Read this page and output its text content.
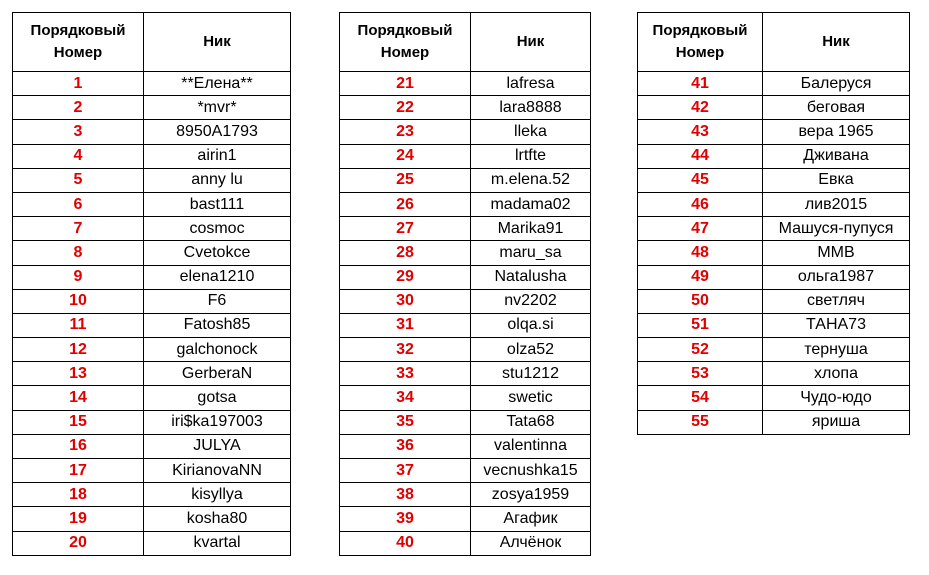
Порядковый
Номер	Ник
1	**Елена**
2	*mvr*
3	8950A1793
4	airin1
5	anny lu
6	bast111
7	cosmoc
8	Cvetokce
9	elena1210
10	F6
11	Fatosh85
12	galchonock
13	GerberaN
14	gotsa
15	iri$ka197003
16	JULYA
17	KirianovaNN
18	kisyllya
19	kosha80
20	kvartal
Порядковый
Номер	Ник
21	lafresa
22	lara8888
23	lleka
24	lrtfte
25	m.elena.52
26	madama02
27	Marika91
28	maru_sa
29	Natalusha
30	nv2202
31	olqa.si
32	olza52
33	stu1212
34	swetic
35	Tata68
36	valentinna
37	vecnushka15
38	zosya1959
39	Агафик
40	Алчёнок
Порядковый
Номер	Ник
41	Балеруся
42	беговая
43	вера 1965
44	Дживана
45	Евка
46	лив2015
47	Машуся-пупуся
48	ММВ
49	ольга1987
50	светляч
51	ТАНА73
52	тернуша
53	хлопа
54	Чудо-юдо
55	яриша
